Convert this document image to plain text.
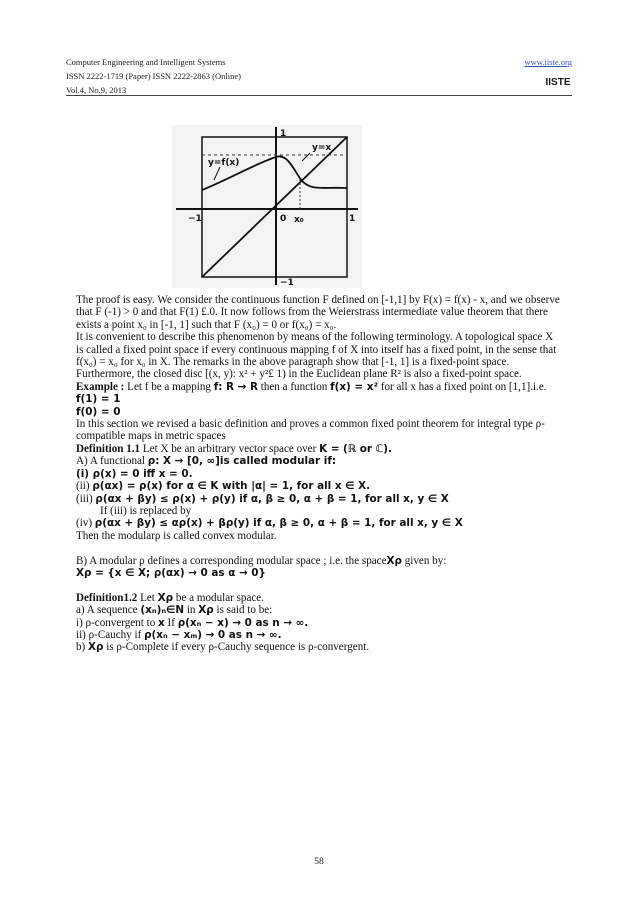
Computer Engineering and Intelligent Systems
ISSN 2222-1719 (Paper) ISSN 2222-2863 (Online)
Vol.4, No.9, 2013
www.iiste.org
IISTE
y=f(x)
y=x
1
−1
−1	1
0 x₀

The proof is easy. We consider the continuous function F defined on [-1,1] by F(x) = f(x) - x, and we observe that F (-1) > 0 and that F(1) £.0. It now follows from the Weierstrass intermediate value theorem that there exists a point x₀ in [-1, 1] such that F (x₀) = 0 or f(x₀) = x₀.

It is convenient to describe this phenomenon by means of the following terminology. A topological space X is called a fixed point space if every continuous mapping f of X into itself has a fixed point, in the sense that f(x₀) = x₀ for x₀ in X. The remarks in the above paragraph show that [-1, 1] is a fixed-point space. Furthermore, the closed disc [(x, y): x² + y²£ 1) in the Euclidean plane R² is also a fixed-point space.

Example : Let f be a mapping f: R → R then a function f(x) = x² for all x has a fixed point on [1,1].i.e.

f(1) = 1

f(0) = 0

In this section we revised a basic definition and proves a common fixed point theorem for integral type ρ-compatible maps in metric spaces

Definition 1.1 Let X be an arbitrary vector space over K = (ℝ or ℂ).

A) A functional ρ: X → [0, ∞]is called modular if:

(i) ρ(x) = 0 iff x = 0.

(ii) ρ(αx) = ρ(x) for α ∈ K with |α| = 1, for all x ∈ X.

(iii) ρ(αx + βy) ≤ ρ(x) + ρ(y) if α, β ≥ 0, α + β = 1, for all x, y ∈ X

If (iii) is replaced by

(iv) ρ(αx + βy) ≤ αρ(x) + βρ(y) if α, β ≥ 0, α + β = 1, for all x, y ∈ X

Then the modularρ is called convex modular.

B) A modular ρ defines a corresponding modular space ; i.e. the spaceXρ given by:

Xρ = {x ∈ X; ρ(αx) → 0 as α → 0}

Definition1.2 Let Xρ be a modular space.

a) A sequence (xₙ)ₙ∈N in Xρ is said to be:

i) ρ-convergent to x If ρ(xₙ − x) → 0 as n → ∞.

ii) ρ-Cauchy if ρ(xₙ − xₘ) → 0 as n → ∞.

b) Xρ is ρ-Complete if every ρ-Cauchy sequence is ρ-convergent.

58
